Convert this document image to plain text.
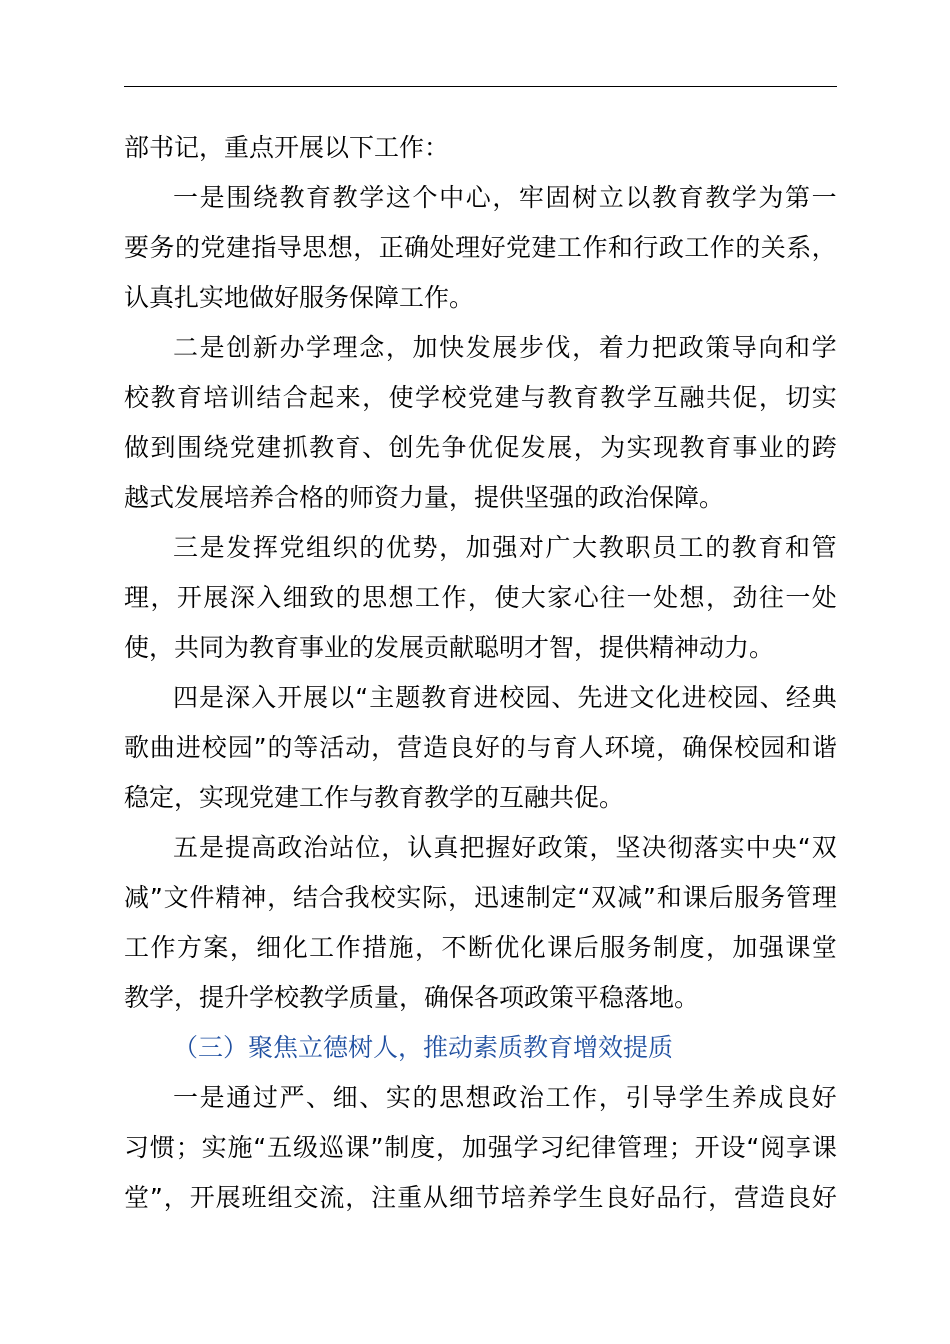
部书记，重点开展以下工作：
一 是 围 绕 教 育 教 学 这 个 中 心 ， 牢 固 树 立 以 教 育 教 学 为 第 一
要 务 的 党 建 指 导 思 想 ， 正 确 处 理 好 党 建 工 作 和 行 政 工 作 的 关 系 ，
认真扎实地做好服务保障工作。
二 是 创 新 办 学 理 念 ， 加 快 发 展 步 伐 ， 着 力 把 政 策 导 向 和 学
校 教 育 培 训 结 合 起 来 ， 使 学 校 党 建 与 教 育 教 学 互 融 共 促 ， 切 实
做 到 围 绕 党 建 抓 教 育 、 创 先 争 优 促 发 展 ， 为 实 现 教 育 事 业 的 跨
越式发展培养合格的师资力量，提供坚强的政治保障。
三 是 发 挥 党 组 织 的 优 势 ， 加 强 对 广 大 教 职 员 工 的 教 育 和 管
理 ， 开 展 深 入 细 致 的 思 想 工 作 ， 使 大 家 心 往 一 处 想 ， 劲 往 一 处
使，共同为教育事业的发展贡献聪明才智，提供精神动力。
四 是 深 入 开 展 以 “ 主 题 教 育 进 校 园 、 先 进 文 化 进 校 园 、 经 典
歌 曲 进 校 园 ” 的 等 活 动 ， 营 造 良 好 的 与 育 人 环 境 ， 确 保 校 园 和 谐
稳定，实现党建工作与教育教学的互融共促。
五 是 提 高 政 治 站 位 ， 认 真 把 握 好 政 策 ， 坚 决 彻 落 实 中 央 “ 双
减 ” 文 件 精 神 ， 结 合 我 校 实 际 ， 迅 速 制 定 “ 双 减 ” 和 课 后 服 务 管 理
工 作 方 案 ， 细 化 工 作 措 施 ， 不 断 优 化 课 后 服 务 制 度 ， 加 强 课 堂
教学，提升学校教学质量，确保各项政策平稳落地。
（三）聚焦立德树人，推动素质教育增效提质
一 是 通 过 严 、 细 、 实 的 思 想 政 治 工 作 ， 引 导 学 生 养 成 良 好
习 惯 ； 实 施 “ 五 级 巡 课 ” 制 度 ， 加 强 学 习 纪 律 管 理 ； 开 设 “ 阅 享 课
堂 ” ， 开 展 班 组 交 流 ， 注 重 从 细 节 培 养 学 生 良 好 品 行 ， 营 造 良 好
